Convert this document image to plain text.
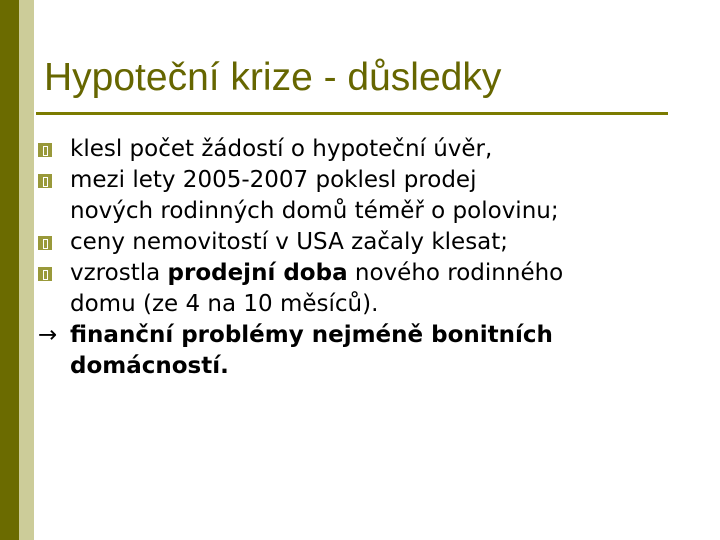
Hypoteční krize - důsledky
klesl počet žádostí o hypoteční úvěr,
mezi lety 2005-2007 poklesl prodej
nových rodinných domů téměř o polovinu;
ceny nemovitostí v USA začaly klesat;
vzrostla prodejní doba nového rodinného
domu (ze 4 na 10 měsíců).
→ finanční problémy nejméně bonitních
domácností.
